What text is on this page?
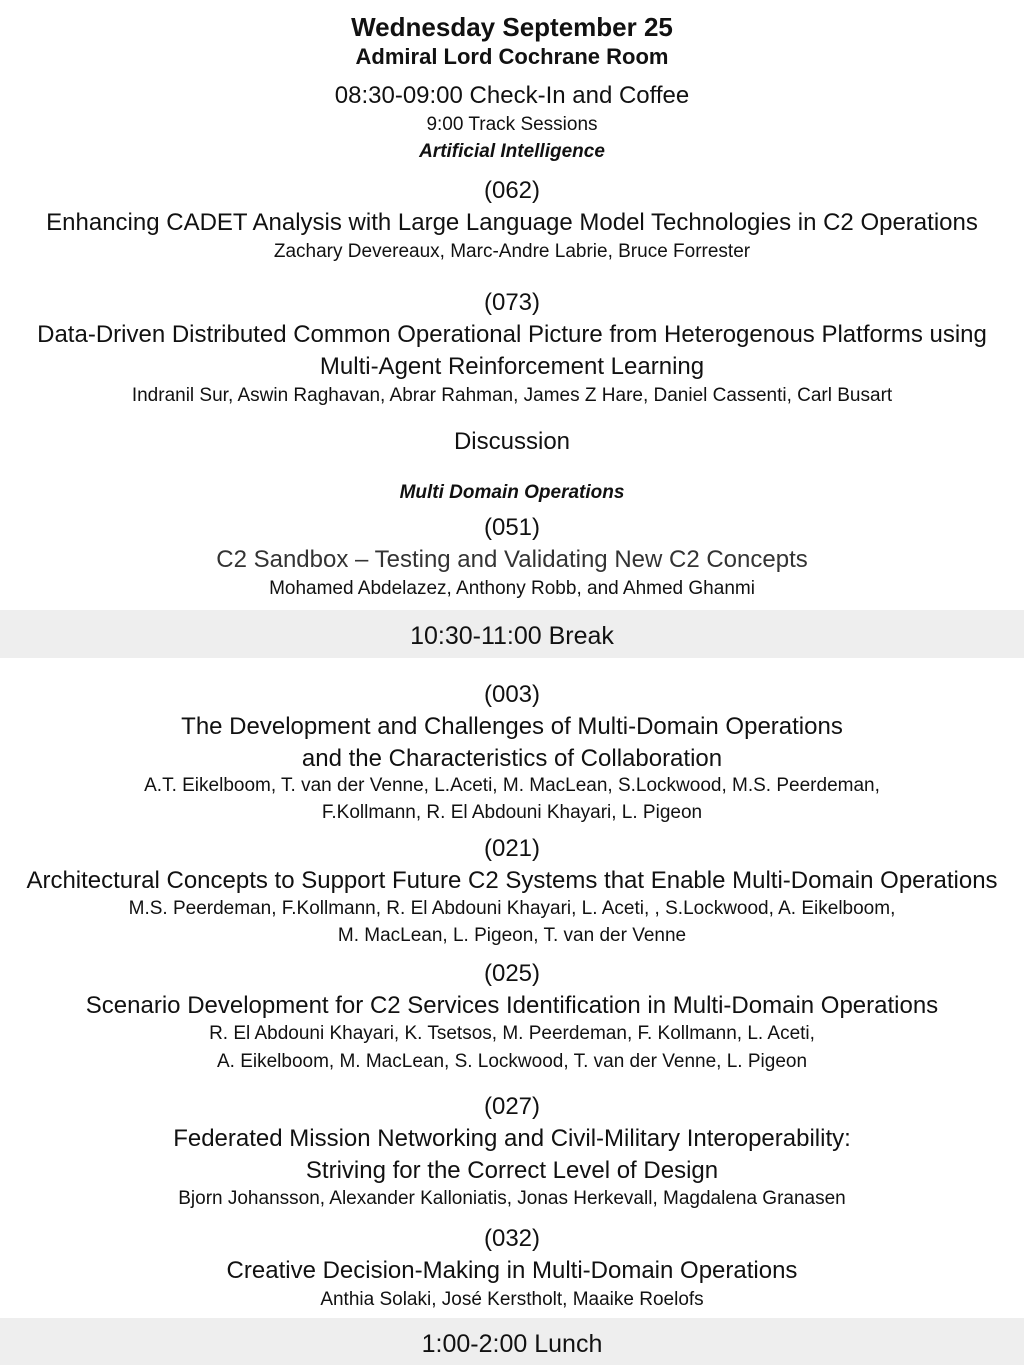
Wednesday September 25
Admiral Lord Cochrane Room
08:30-09:00 Check-In and Coffee
9:00 Track Sessions
Artificial Intelligence
(062)
Enhancing CADET Analysis with Large Language Model Technologies in C2 Operations
Zachary Devereaux, Marc-Andre Labrie, Bruce Forrester
(073)
Data-Driven Distributed Common Operational Picture from Heterogenous Platforms using
Multi-Agent Reinforcement Learning
Indranil Sur, Aswin Raghavan, Abrar Rahman, James Z Hare, Daniel Cassenti, Carl Busart
Discussion
Multi Domain Operations
(051)
C2 Sandbox – Testing and Validating New C2 Concepts
Mohamed Abdelazez, Anthony Robb, and Ahmed Ghanmi
10:30-11:00 Break
(003)
The Development and Challenges of Multi-Domain Operations
and the Characteristics of Collaboration
A.T. Eikelboom, T. van der Venne, L.Aceti, M. MacLean, S.Lockwood, M.S. Peerdeman,
F.Kollmann, R. El Abdouni Khayari, L. Pigeon
(021)
Architectural Concepts to Support Future C2 Systems that Enable Multi-Domain Operations
M.S. Peerdeman, F.Kollmann, R. El Abdouni Khayari, L. Aceti, , S.Lockwood, A. Eikelboom,
M. MacLean, L. Pigeon, T. van der Venne
(025)
Scenario Development for C2 Services Identification in Multi-Domain Operations
R. El Abdouni Khayari, K. Tsetsos, M. Peerdeman, F. Kollmann, L. Aceti,
A. Eikelboom, M. MacLean, S. Lockwood, T. van der Venne, L. Pigeon
(027)
Federated Mission Networking and Civil-Military Interoperability:
Striving for the Correct Level of Design
Bjorn Johansson, Alexander Kalloniatis, Jonas Herkevall, Magdalena Granasen
(032)
Creative Decision-Making in Multi-Domain Operations
Anthia Solaki, José Kerstholt, Maaike Roelofs
1:00-2:00 Lunch
